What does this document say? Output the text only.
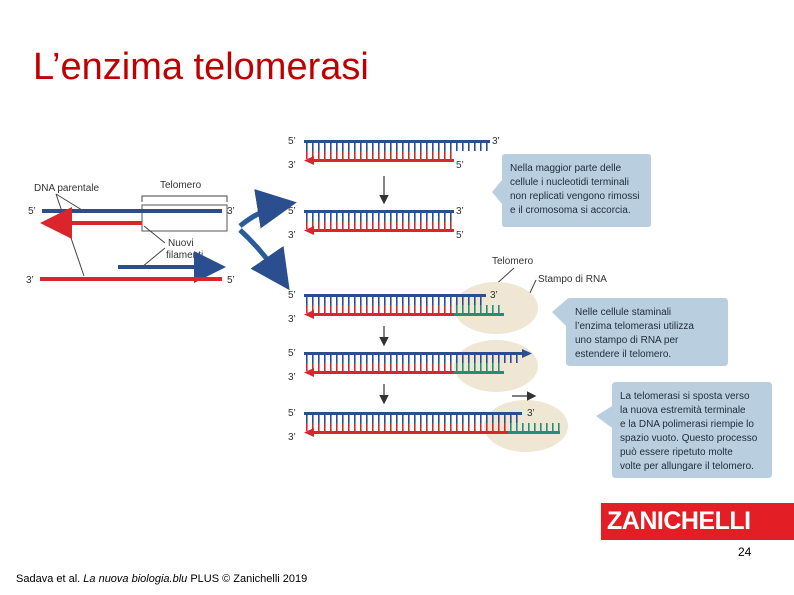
L’enzima telomerasi
DNA parentale	Telomero
5’	3’
Nuovi
filamenti
3’	5’
5’	3’
3’	5’
5’	3’
3’	5’
Telomero
Stampo di RNA
5’	3’
3’
5’
3’
5’	3’
3’
Nella maggior parte delle cellule i nucleotidi terminali non replicati vengono rimossi e il cromosoma si accorcia.
Nelle cellule staminali l’enzima telomerasi utilizza uno stampo di RNA per estendere il telomero.
La telomerasi si sposta verso la nuova estremità terminale e la DNA polimerasi riempie lo spazio vuoto. Questo processo può essere ripetuto molte volte per allungare il telomero.
ZANICHELLI
24
Sadava et al. La nuova biologia.blu PLUS © Zanichelli 2019
